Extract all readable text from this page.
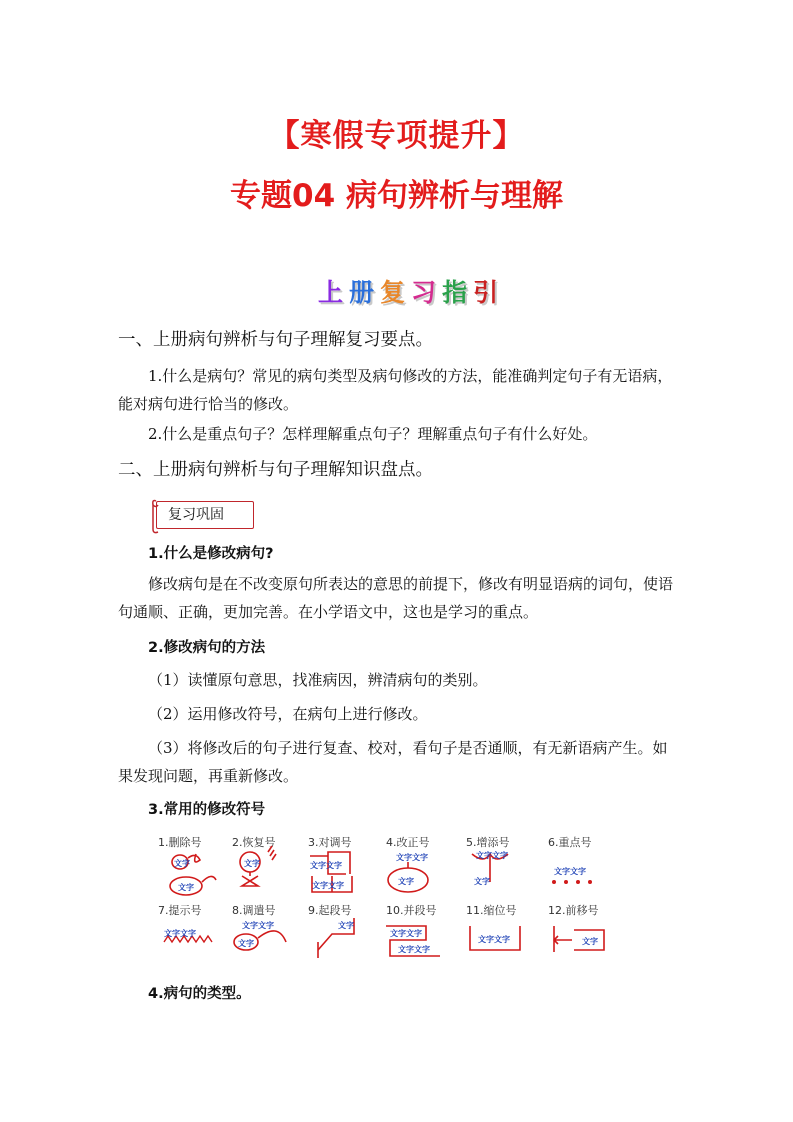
【寒假专项提升】
专题04 病句辨析与理解
上 册 复 习 指 引
一、上册病句辨析与句子理解复习要点。
1.什么是病句？常见的病句类型及病句修改的方法，能准确判定句子有无语病，能对病句进行恰当的修改。
2.什么是重点句子？怎样理解重点句子？理解重点句子有什么好处。
二、上册病句辨析与句子理解知识盘点。
复习巩固
1.什么是修改病句?
修改病句是在不改变原句所表达的意思的前提下，修改有明显语病的词句，使语句通顺、正确，更加完善。在小学语文中，这也是学习的重点。
2.修改病句的方法
（1）读懂原句意思，找准病因，辨清病句的类别。
（2）运用修改符号，在病句上进行修改。
（3）将修改后的句子进行复查、校对，看句子是否通顺，有无新语病产生。如果发现问题，再重新修改。
3.常用的修改符号
1.删除号	2.恢复号	3.对调号	4.改正号	5.增添号	6.重点号
7.提示号	8.调遣号	9.起段号	10.并段号	11.缩位号	12.前移号
文字
文字
文字	文字文字
文字文字
文字文字
文字
文字文字
文字
文字文字
文字文字
文字文字
文字
文字
文字文字
文字文字
文字文字	文字
4.病句的类型。
